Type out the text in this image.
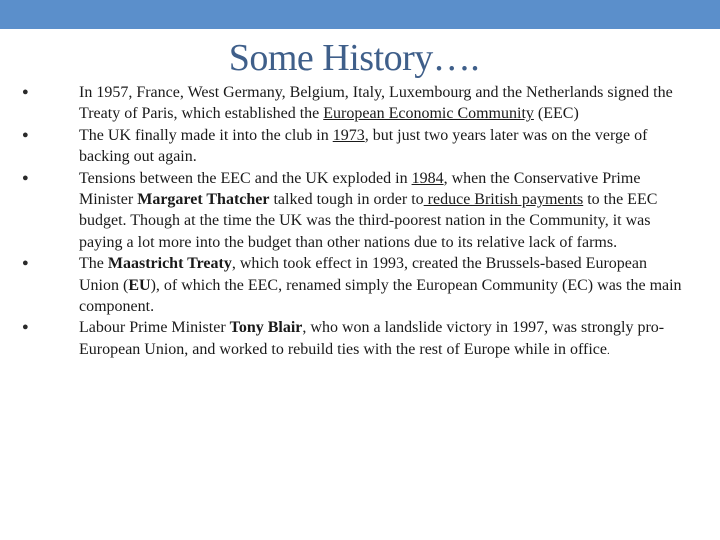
Some History….
●	In 1957, France, West Germany, Belgium, Italy, Luxembourg and the Netherlands signed the Treaty of Paris, which established the European Economic Community (EEC)
●	The UK finally made it into the club in 1973, but just two years later was on the verge of backing out again.
●	Tensions between the EEC and the UK exploded in 1984, when the Conservative Prime Minister Margaret Thatcher talked tough in order to reduce British payments to the EEC budget. Though at the time the UK was the third-poorest nation in the Community, it was paying a lot more into the budget than other nations due to its relative lack of farms.
●	The Maastricht Treaty, which took effect in 1993, created the Brussels-based European Union (EU), of which the EEC, renamed simply the European Community (EC) was the main component.
●	Labour Prime Minister Tony Blair, who won a landslide victory in 1997, was strongly pro-European Union, and worked to rebuild ties with the rest of Europe while in office.
